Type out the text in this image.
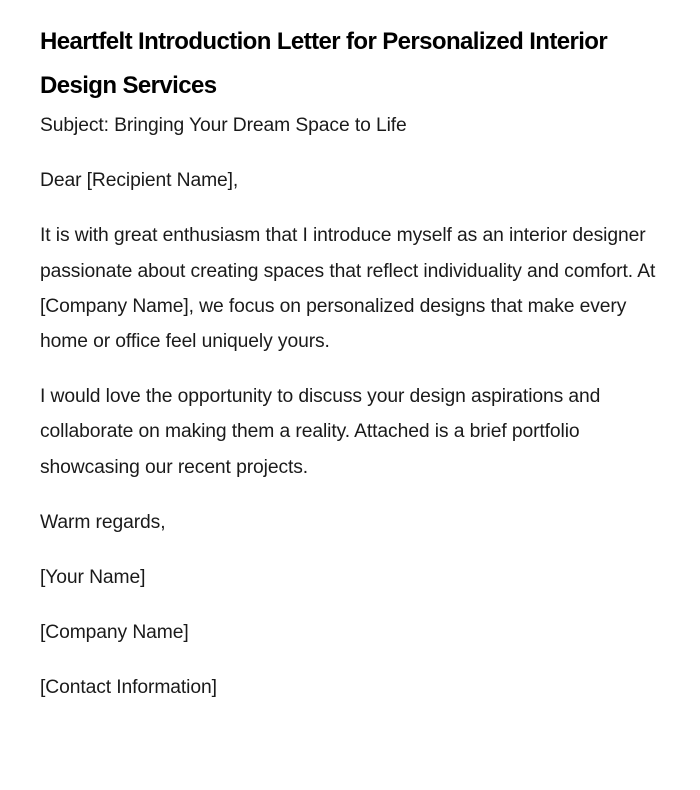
Heartfelt Introduction Letter for Personalized Interior Design Services

Subject: Bringing Your Dream Space to Life

Dear [Recipient Name],

It is with great enthusiasm that I introduce myself as an interior designer passionate about creating spaces that reflect individuality and comfort. At [Company Name], we focus on personalized designs that make every home or office feel uniquely yours.

I would love the opportunity to discuss your design aspirations and collaborate on making them a reality. Attached is a brief portfolio showcasing our recent projects.

Warm regards,

[Your Name]

[Company Name]

[Contact Information]
